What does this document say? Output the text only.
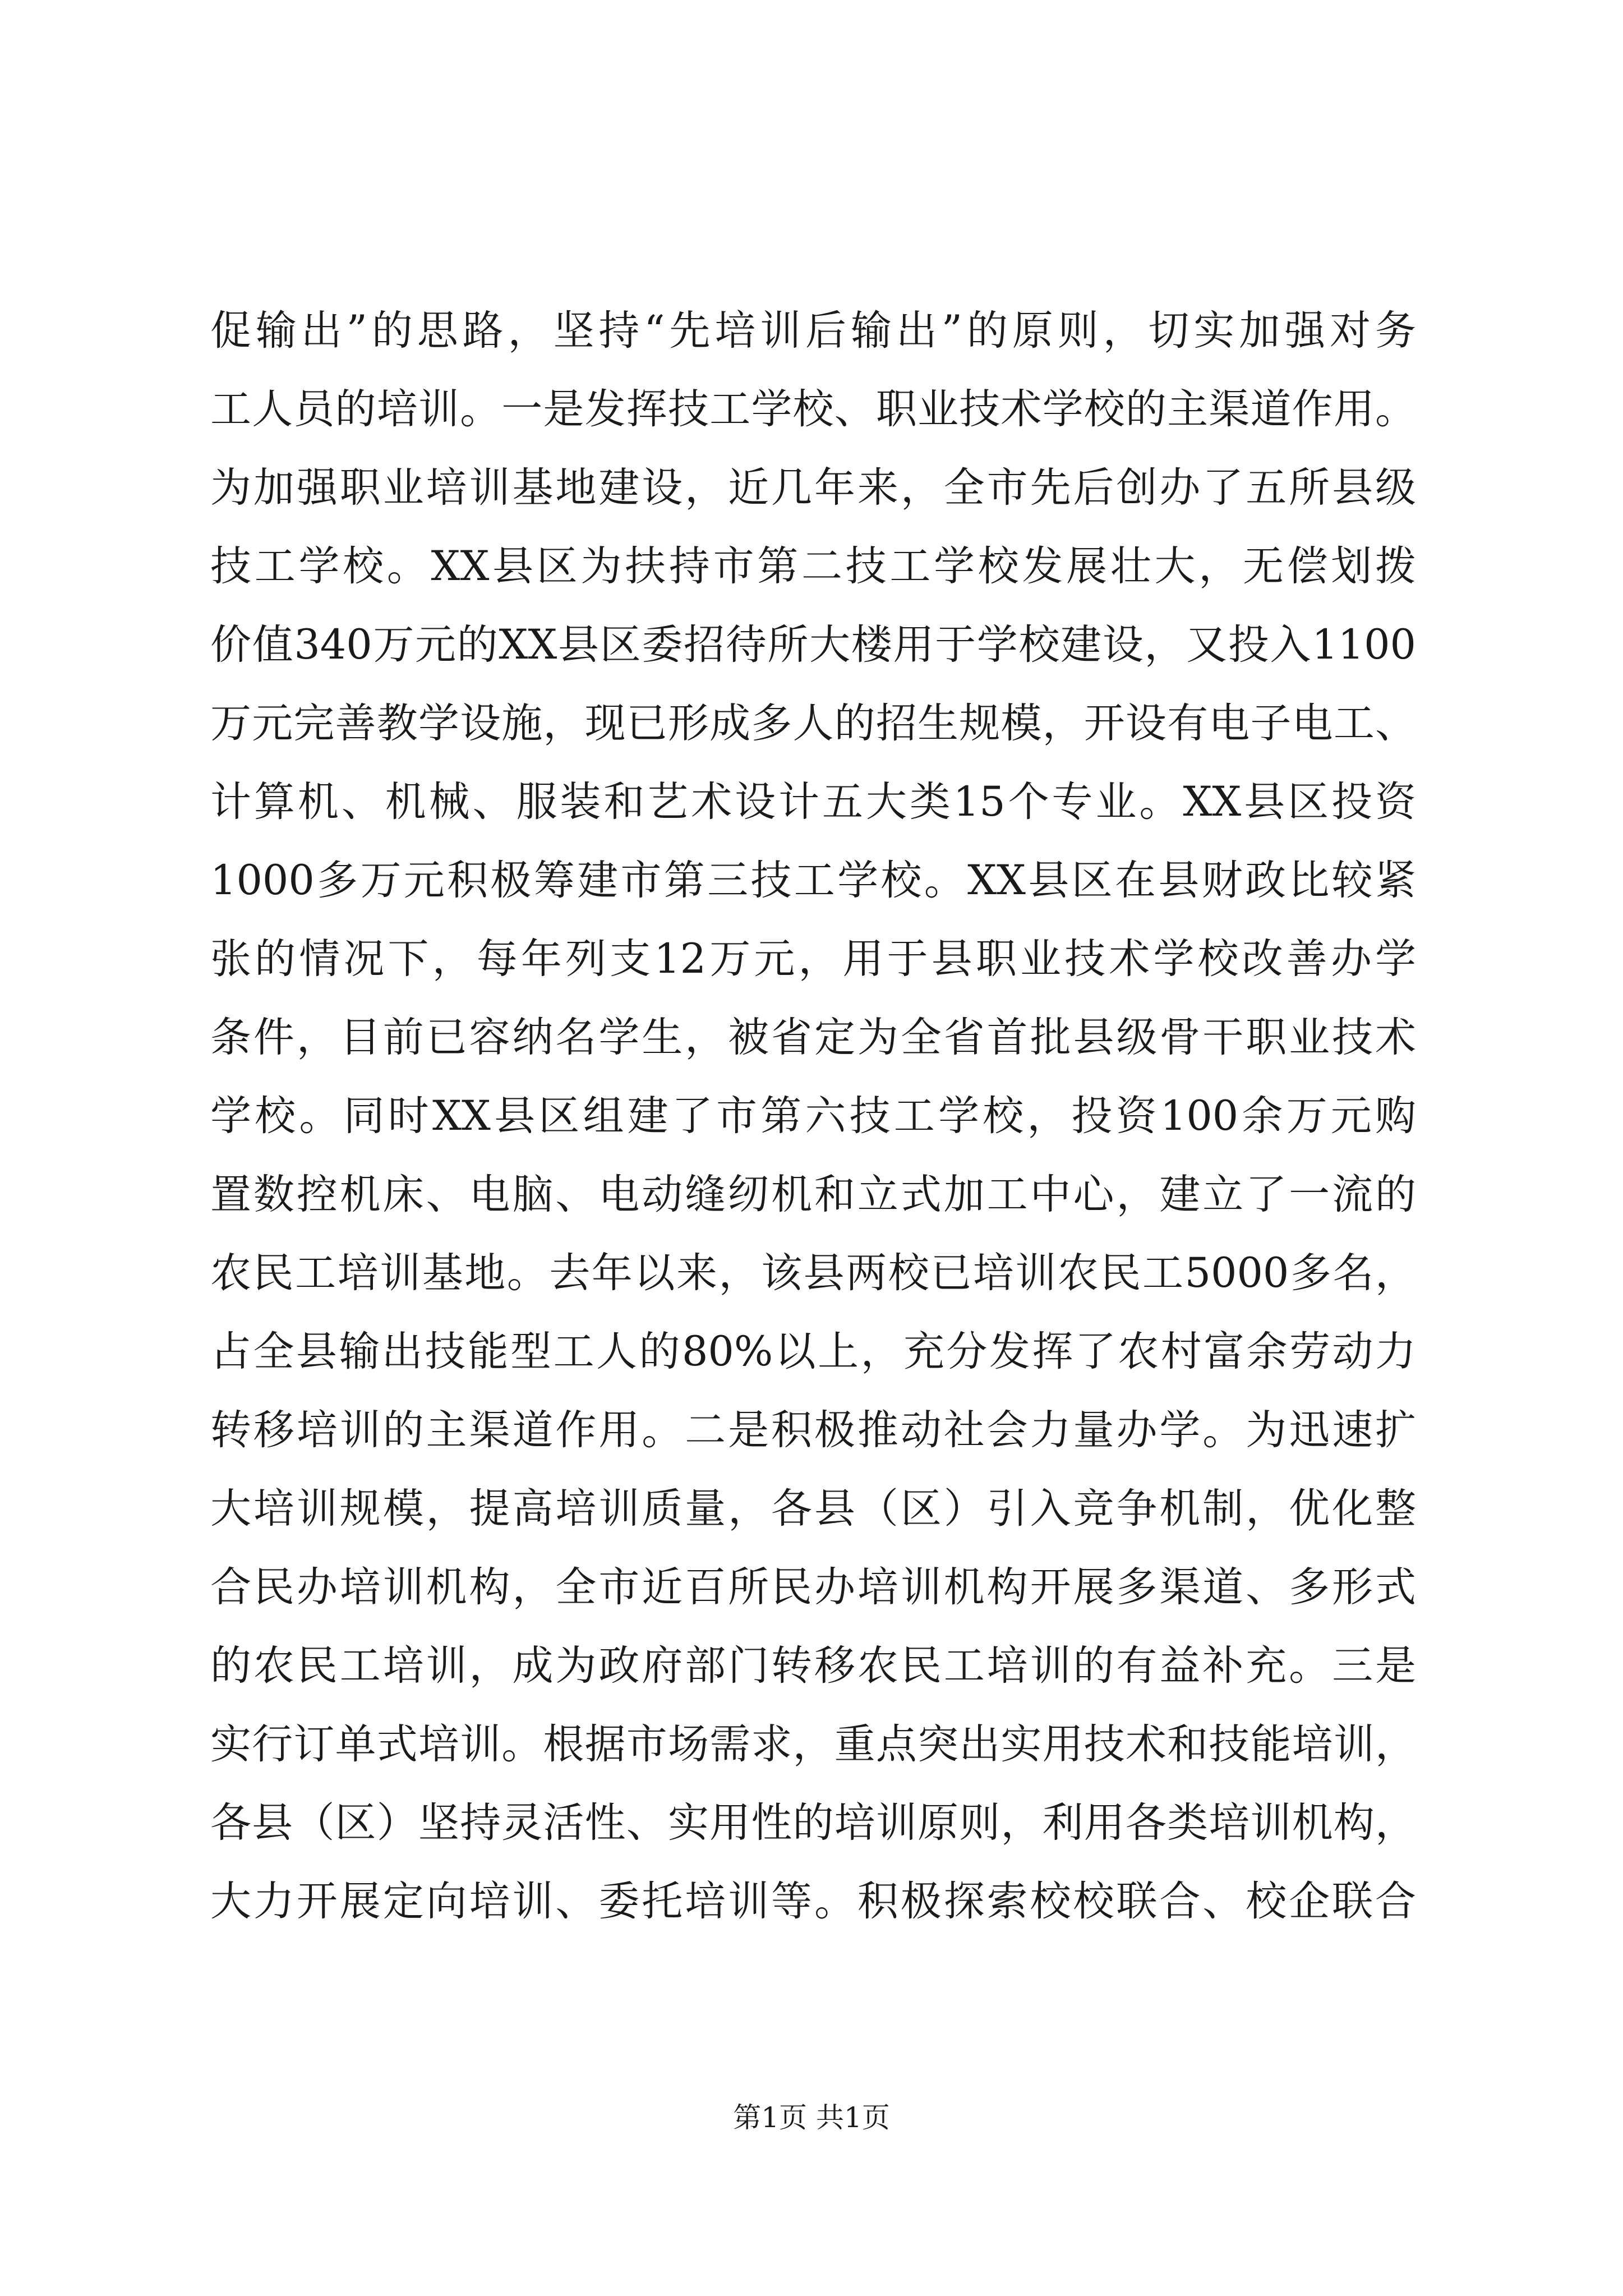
促输出”的思路，坚持“先培训后输出”的原则，切实加强对务
工人员的培训。一是发挥技工学校、职业技术学校的主渠道作用。
为加强职业培训基地建设，近几年来，全市先后创办了五所县级
技工学校。XX县区为扶持市第二技工学校发展壮大，无偿划拨
价值340万元的XX县区委招待所大楼用于学校建设，又投入1100
万元完善教学设施，现已形成多人的招生规模，开设有电子电工、
计算机、机械、服装和艺术设计五大类15个专业。XX县区投资
1000多万元积极筹建市第三技工学校。XX县区在县财政比较紧
张的情况下，每年列支12万元，用于县职业技术学校改善办学
条件，目前已容纳名学生，被省定为全省首批县级骨干职业技术
学校。同时XX县区组建了市第六技工学校，投资100余万元购
置数控机床、电脑、电动缝纫机和立式加工中心，建立了一流的
农民工培训基地。去年以来，该县两校已培训农民工5000多名，
占全县输出技能型工人的80%以上，充分发挥了农村富余劳动力
转移培训的主渠道作用。二是积极推动社会力量办学。为迅速扩
大培训规模，提高培训质量，各县（区）引入竞争机制，优化整
合民办培训机构，全市近百所民办培训机构开展多渠道、多形式
的农民工培训，成为政府部门转移农民工培训的有益补充。三是
实行订单式培训。根据市场需求，重点突出实用技术和技能培训，
各县（区）坚持灵活性、实用性的培训原则，利用各类培训机构，
大力开展定向培训、委托培训等。积极探索校校联合、校企联合
第1页 共1页
